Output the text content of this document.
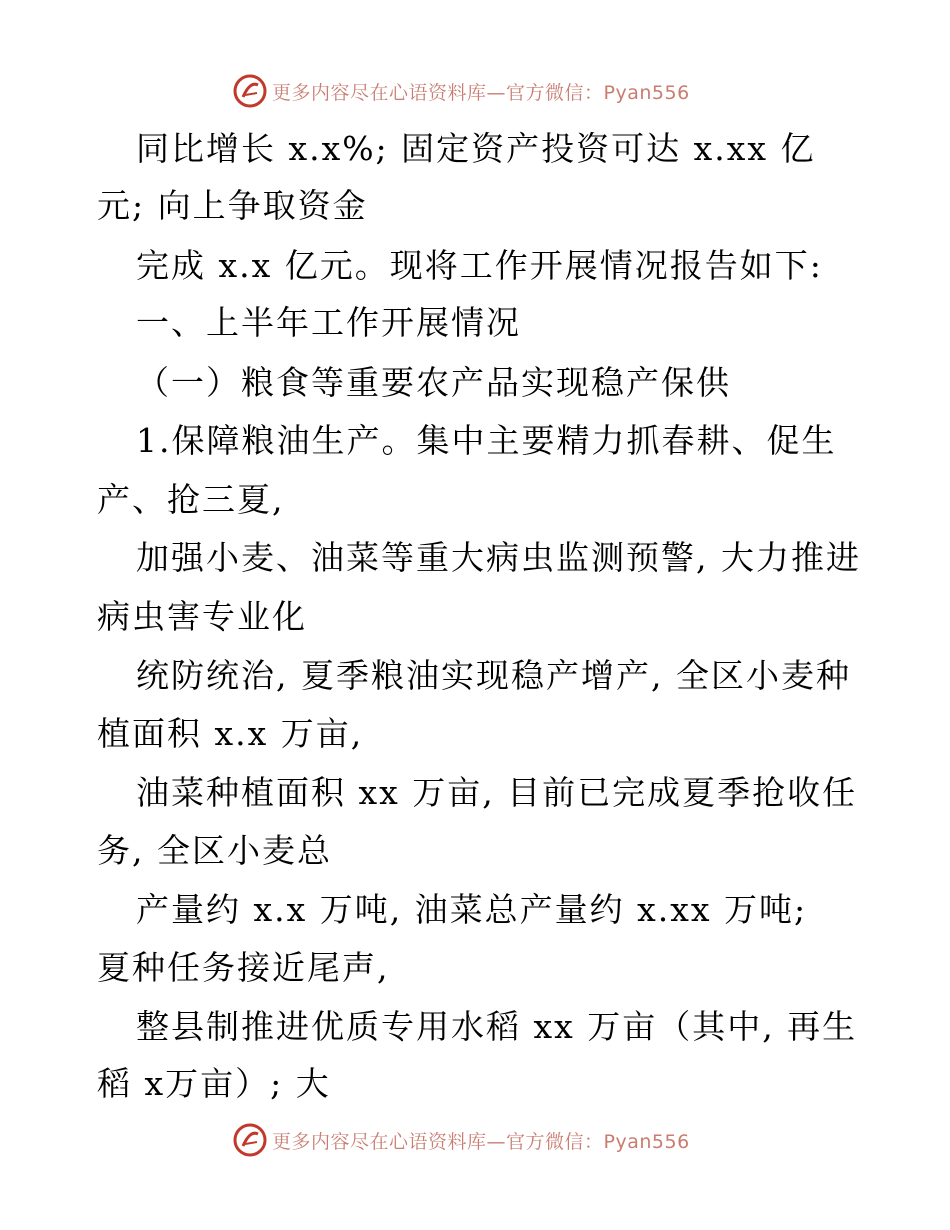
更多内容尽在心语资料库—官方微信：Pyan556
同比增长 x.x%; 固定资产投资可达 x.xx 亿
元; 向上争取资金
完成 x.x 亿元。现将工作开展情况报告如下:
一、上半年工作开展情况
（一）粮食等重要农产品实现稳产保供
1.保障粮油生产。集中主要精力抓春耕、促生
产、抢三夏,
加强小麦、油菜等重大病虫监测预警, 大力推进
病虫害专业化
统防统治, 夏季粮油实现稳产增产, 全区小麦种
植面积 x.x 万亩,
油菜种植面积 xx 万亩, 目前已完成夏季抢收任
务, 全区小麦总
产量约 x.x 万吨, 油菜总产量约 x.xx 万吨;
夏种任务接近尾声,
整县制推进优质专用水稻 xx 万亩（其中, 再生
稻 x万亩）; 大
更多内容尽在心语资料库—官方微信：Pyan556
